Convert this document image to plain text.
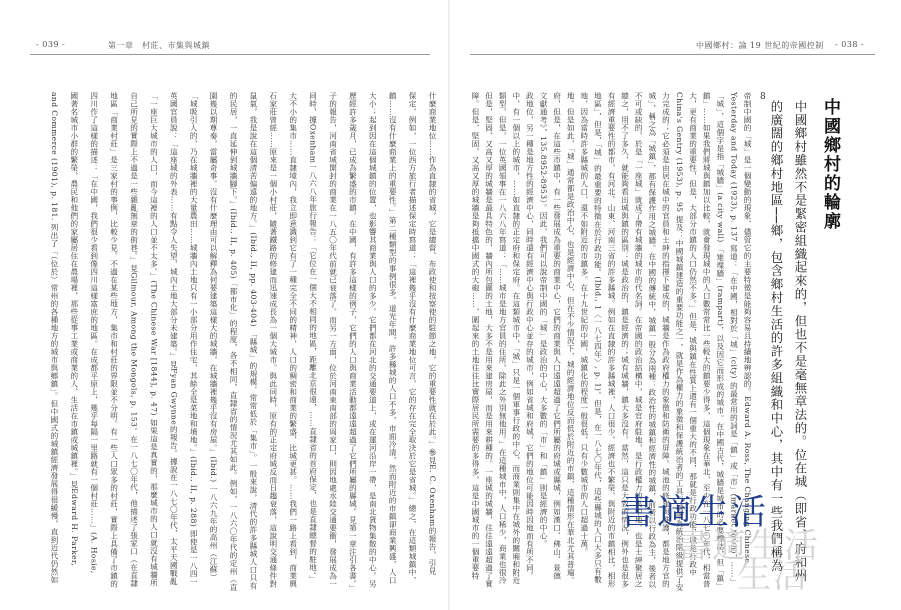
- 039 -	第一章　村莊、市集與城鎮
什麼商業地位……作為直隸的省城，它是總督、布政使和按察使的駐節之地，它的重要性就在於此。」參見E. C. Oxenham的報告，引見
保定，例如，一位西方旅行者描述保定時寫道：「這裡幾乎沒有什麼商業地位可言，它的存在完全取決於它是省城。」總之，在這類城鎮中，
鎮……沒有什麼商業上的重要性。」第二種類型的事例很多。道光年間，許多縣城的人口不多，市面冷清，然而附近的市鎮卻商業興盛，人口
大小；起到因在這個城鎮的位置，也影響其商業與人口的多少。它們都在河北的交通要道上，或在運河沿岸一帶，是南北貨物集散的中心。另
歷經許多歲月，已成為繁盛的市鎮。在中國，有許多這樣的例子，它們的人口與商業活動都遠遠超過了它們所屬的縣城。見第一章注引各書。」
子的報告，河南省城開封的商業在一八五〇年代前就已衰落了。而另一方面，位於河南東南部的周家口，則因地處水陸交通要衝，發展成為一
同時，據Oxenham一八六八年旅行報告：「它位在一個大不相同的地區，距離北京很遠，……直隸省的首府保定，也是直隸總督的駐地。」
大不小的集市……直隸境內，我立即意識到它有了一種完全不同的精神，人口的稠密和商業的繁盛，比城更甚。……我們一路上看到，商業興
石家莊曾經……原來是一個小村莊，隨著鐵路的修建而迅速成長為一個大城市。與此同時，原有的正定府城反而日趨衰落，這說明交通條件對
鼠氣，我是說在這個清苦偏遠的地方。」(Ibid., II, pp. 403-404) 「縣城」的規模，常常低於「集市」。一般來說，清代的許多縣城人口只有
的民居，一直延伸到城牆腳下。」(Ibid., II, p. 405)「都市化」的程度，各不相同，直隸省的情況尤其如此。例如，一八六〇年代的定州（直
園幾以期尊奏，當屬奇事。沒有什麼理由可以解釋為何要建築這樣大的城牆，在城牆裡幾乎沒有房屋。」(Ibid.) 一八六九年的高州（江蘇）
「城吸引人的，乃在城牆裡的大量農田……城牆內土地只有一小部分用作住宅，其餘全是菜地和墳地。」(Ibid., II, p. 288) 即使是一八四一
英國官員說：「這座城的外表……有點令人失望，城內土地大部分未建築。」見Fyan Gwynne的報告。據說在一八七〇年代，太平天國戰亂
「一座巨大城市的人口，而今這裡的人口並不太多。」(The Chinese War [1844], p. 47) 如果這是真實的，那麼城市的人口就沒有城牆所
自己所見的實際上不過是一些雜亂無章的街巷。」見Gilmour, Among the Mongols, p. 153。在一八七〇年代，他描述了張家口（在直隸
地區「商業村莊」是三家村的事例，比較少見。不過在某些地方，集市和村莊的界限並不分明。有一些人口眾多的村莊，實際上具備了市鎮的
四川作了這樣的描述：「在中國，我們很少看到像四川這樣富庶的地區。在成都平原上，幾乎每隔一里路就有一個村莊……」(A. Hosie,
國著名城市小群的繁榮，農民和他們的家屬居住在農場裡，那些從事工業或商業的人，生活在市鎮或城鎮裡。」見Edward H. Parker,
and Commerce (1901), p. 181. 列出了「（位於）常州的各種地方的城市與鄉鎮」。但中國式的城鎮經濟發展得很緩慢，直到近代仍然如
中國鄉村：論 19 世紀的帝國控制 - 038 -
中國鄉村的輪廓
中國鄉村雖然不是緊密組織起來的，但也不是毫無章法的。位在城（即省、府和州
的廣闊的鄉村地區──鄉，包含鄉村生活的許多組織和中心，其中有一些我們稱為
8
帝制中國的「城」是一個變動的現象，儘管它的主要特徵是能夠容易且持續地辨認的。Edward A. Ross, The Changing Chinese
Yesterday and Today (1923), p. 137 寫道：「在中國，相對於「城」(city) 的最常用的詞是「鎮」或「市」(market town)，……」
「城」，這個字是指「城牆」(a city wall) 「雉堞牆」(rampart)，以及因它而形成的城市。在中國古代，城牆是城市的必要標誌，但「鎮」
鎮」……如果我們將城與鎮加以比較，就會發現城中的人口數常常比一些較大的鎮要少得多，這個現象在華北，至少在一八七〇年代，相當普
大，更有商業的重要性，但是，大部分市鎮的人口仍然不多。」但是，城與鎮在性質上還有一個重大的不同，那就是行政功能，城是行政中
China's Gentry (1953), p. 95 提及：中國城鎮建造的重要功能之一，就是作為權力的象徵和保護統治者的工具。城牆為統治階級提供了安
力完成的；它必須是由居在城中的官員和士紳的指揮下建成的，城牆是作為政府權力的象徵和防衛的屏障。城池的修建與維護，都是地方官的
城」，稱之為「城鎮」，都有保護作用之城牆。在中國的傳統中，城鎮一般分為兩種：政治性的城鎮和經濟性的城鎮，前者以行政為主，後者以
不可或缺的，於是「一座城」就成了帶有城牆的城市的代名詞。在帝國的政治結構中，城是官府駐地，是行政權力的集中地，也是士紳聚居之
總之，用不了多久，就能夠看出城與鎮的區別：城是政治的，鎮是經濟的；城有城牆，鎮大多沒有。當然，這只是大致的情況，例外也是很多
有經濟重要性的都市，有河北、山東、河南三省的許多縣城。例如在直隸的許多縣城裡，人口很少，經濟也不繁榮，與附近的市鎮相比，相形
地區」，但是，「城」的最重要的特徵在於行政功能。(Ibid., 1〈一八七四年〉, p. 1)。但是，在一八七〇年代，這些縣城的人口大多只有數
地，因為當時許多縣城的人口，還不如附近的市鎮多。在十九世紀的中國，城鎮化的程度一般很低，只有少數城市的人口超過十萬。
地。但是如此，「城」通常都是政治中心，也是經濟中心，但在不少情況下，城的經濟地位反而低於附近的市鎮，這種情形在華北尤其普遍。
府，但是，在這些市鎮中，有一些發展成為重要的商業中心，它們的商業與人口遠遠超過了它們所屬的府城或縣城，例如漢口、佛山、景德
文獻通考》，135.8952-8953）。因此，我們可以說帝制中國的「城」是政治的中心，大多數的「市」和「鎮」則是經濟的中心。
政地位，另一種是地方性的經濟中心，同時還有經濟中心與行政中心並存的城市，例如省城和府城，它們的地位可能因時因地而有所不同。
中，有一個以上的城市，……如直隸的正定府和保定府。在這類城市中，「城」只是一個軍事行政的中心，而商業則集中在城外的關廂和附近
類型，但是，一位英國領事在一八六八年寫道：「……城市是地方官員的住所，除此之外別無他用。」在這種城市中，人口稀少，商業也很冷
但是，堅固、又高又厚的城牆是最具特色的，牆內所包圍的土地，大多不是用來建房屋，而是用來耕種的。一座城的城牆，往往遠遠超過了實
障。但是，堅固、又高又厚的城牆是夠抵擋中國式的大砲……，圍起來的土地往往比實際居民所需要的多得多，這是中國城市的一個重要特
書適生活
書適生活
生活
